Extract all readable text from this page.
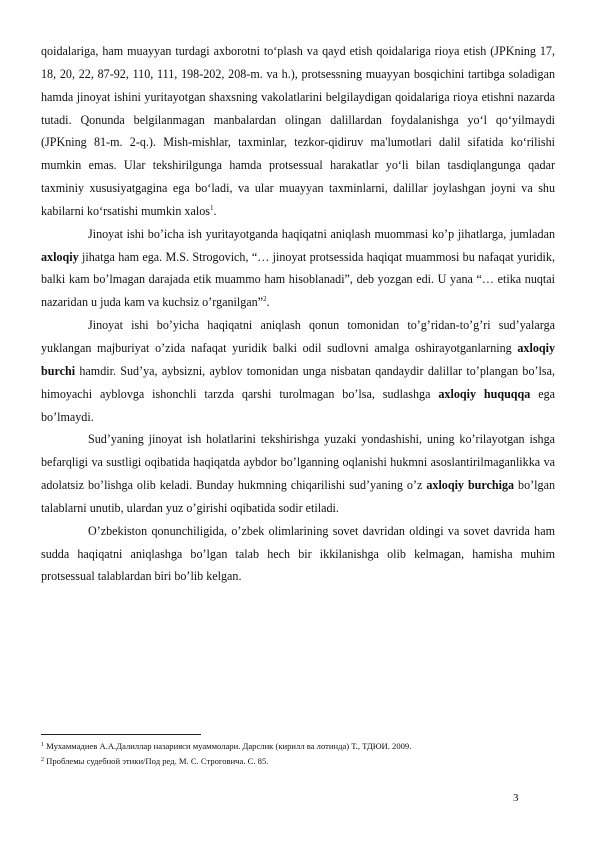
qoidalariga, ham muayyan turdagi axborotni to‘plash va qayd etish qoidalariga rioya etish (JPKning 17, 18, 20, 22, 87-92, 110, 111, 198-202, 208-m. va h.), protsessning muayyan bosqichini tartibga soladigan hamda jinoyat ishini yuritayotgan shaxsning vakolatlarini belgilaydigan qoidalariga rioya etishni nazarda tutadi. Qonunda belgilanmagan manbalardan olingan dalillardan foydalanishga yo‘l qo‘yilmaydi (JPKning 81-m. 2-q.). Mish-mishlar, taxminlar, tezkor-qidiruv ma'lumotlari dalil sifatida ko‘rilishi mumkin emas. Ular tekshirilgunga hamda protsessual harakatlar yo‘li bilan tasdiqlangunga qadar taxminiy xususiyatgagina ega bo‘ladi, va ular muayyan taxminlarni, dalillar joylashgan joyni va shu kabilarni ko‘rsatishi mumkin xalos$^1$.

Jinoyat ishi bo’icha ish yuritayotganda haqiqatni aniqlash muommasi ko’p jihatlarga, jumladan axloqiy jihatga ham ega. M.S. Strogovich, “… jinoyat protsessida haqiqat muammosi bu nafaqat yuridik, balki kam bo’lmagan darajada etik muammo ham hisoblanadi”, deb yozgan edi. U yana “… etika nuqtai nazaridan u juda kam va kuchsiz o’rganilgan”$^2$.

Jinoyat ishi bo’yicha haqiqatni aniqlash qonun tomonidan to’g’ridan-to’g’ri sud’yalarga yuklangan majburiyat o’zida nafaqat yuridik balki odil sudlovni amalga oshirayotganlarning axloqiy burchi hamdir. Sud’ya, aybsizni, ayblov tomonidan unga nisbatan qandaydir dalillar to’plangan bo’lsa, himoyachi ayblovga ishonchli tarzda qarshi turolmagan bo’lsa, sudlashga axloqiy huquqqa ega bo’lmaydi.

Sud’yaning jinoyat ish holatlarini tekshirishga yuzaki yondashishi, uning ko’rilayotgan ishga befarqligi va sustligi oqibatida haqiqatda aybdor bo’lganning oqlanishi hukmni asoslantirilmaganlikka va adolatsiz bo’lishga olib keladi. Bunday hukmning chiqarilishi sud’yaning o’z axloqiy burchiga bo’lgan talablarni unutib, ulardan yuz o’girishi oqibatida sodir etiladi.

O’zbekiston qonunchiligida, o’zbek olimlarining sovet davridan oldingi va sovet davrida ham sudda haqiqatni aniqlashga bo’lgan talab hech bir ikkilanishga olib kelmagan, hamisha muhim protsessual talablardan biri bo’lib kelgan.

$^1$ Мухаммадиев А.А.Далиллар назарияси муаммолари. Дарслик (кирилл ва лотинда) Т., ТДЮИ. 2009.
$^2$ Проблемы судебной этики/Под ред. М. С. Строговича. С. 85.
3
